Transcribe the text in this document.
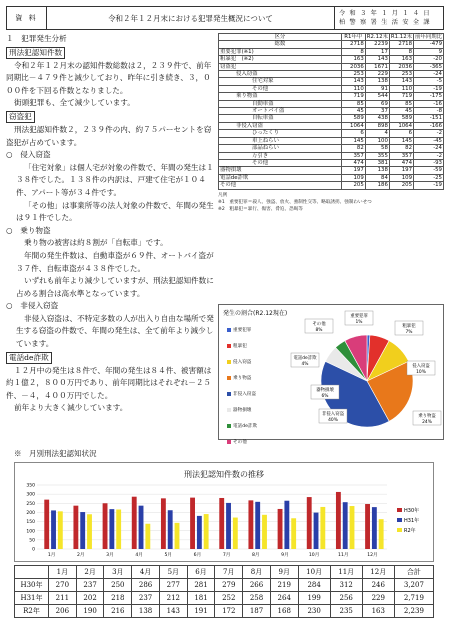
資 料	令和２年１２月末における犯罪発生概況について	令 和 ３ 年 １ 月 １ ４ 日
柏 警 察 署 生 活 安 全 課

１　犯罪発生分析

刑法犯認知件数

令和２年１２月末の認知件数総数は２，２３９件で、前年同期比－４７９件と減少しており、昨年に引き続き、３，０００件を下回る件数となりました。

街頭犯罪も、全て減少しています。

窃盗犯

刑法犯認知件数２，２３９件の内、約７５パーセントを窃盗犯が占めています。

○　侵入窃盗

「住宅対象」は個人宅が対象の件数で、年間の発生は１３８件でした。１３８件の内訳は、戸建て住宅が１０４件、アパート等が３４件です。

「その他」は事業所等の法人対象の件数で、年間の発生は９１件でした。

○　乗り物盗

乗り物の被害は約８割が「自転車」です。

年間の発生件数は、自動車盗が６９件、オートバイ盗が３７件、自転車盗が４３８件でした。

いずれも前年より減少していますが、刑法犯認知件数に占める割合は高水準となっています。

○　非侵入窃盗

非侵入窃盗は、不特定多数の人が出入り自由な場所で発生する窃盗の件数で、年間の発生は、全て前年より減少しています。

電話de詐欺

１２月中の発生は８件で、年間の発生は８４件、被害額は約１億２，８００万円であり、前年同期比はそれぞれ－２５件、－４，４００万円でした。

前年より大きく減少しています。

区分	R1年中	R2.12末	R1.12末	前年同期比
総数	2718	2239	2718	-479
重要犯罪(※1)	8	17	8	9
粗暴犯　(※2)	163	143	163	-20
窃盗犯	2036	1671	2036	-365
侵入窃盗	253	229	253	-24
住宅対象	143	138	143	-5
その他	110	91	110	-19
乗り物盗	719	544	719	-175
自動車盗	85	69	85	-16
オートバイ盗	45	37	45	-8
自転車盗	589	438	589	-151
非侵入窃盗	1064	898	1064	-166
ひったくり	6	4	6	-2
車上ねらい	145	100	145	-45
部品ねらい	82	58	82	-24
万引き	357	355	357	-2
その他	474	381	474	-93
器物損壊	197	138	197	-59
電話de詐欺	109	84	109	-25
その他	205	186	205	-19
凡例
※1　重要犯罪＝殺人、強盗、放火、強制性交等、略取誘拐、強制わいせつ
※2　粗暴犯＝暴行、傷害、脅迫、恐喝等
発生の割合(R2.12現在)
重要犯罪
粗暴犯
侵入窃盗
乗り物盗
非侵入窃盗
器物損壊
電話de詐欺
その他
重要犯罪
1%
粗暴犯
7%
侵入窃盗
10%
乗り物盗
24%
非侵入窃盗
40%
器物損壊
6%
電話de詐欺
4%
その他
8%
※　月別刑法犯認知状況
刑法犯認知件数の推移
0
50
100
150
200
250
300
350
1月	2月	3月	4月	5月	6月	7月	8月	9月	10月	11月	12月
H30年
H31年
R2年
	1月	2月	3月	4月	5月	6月	7月	8月	9月	10月	11月	12月	合計
H30年	270	237	250	286	277	281	279	266	219	284	312	246	3,207
H31年	211	202	218	237	212	181	252	258	264	199	256	229	2,719
R2年	206	190	216	138	143	191	172	187	168	230	235	163	2,239
